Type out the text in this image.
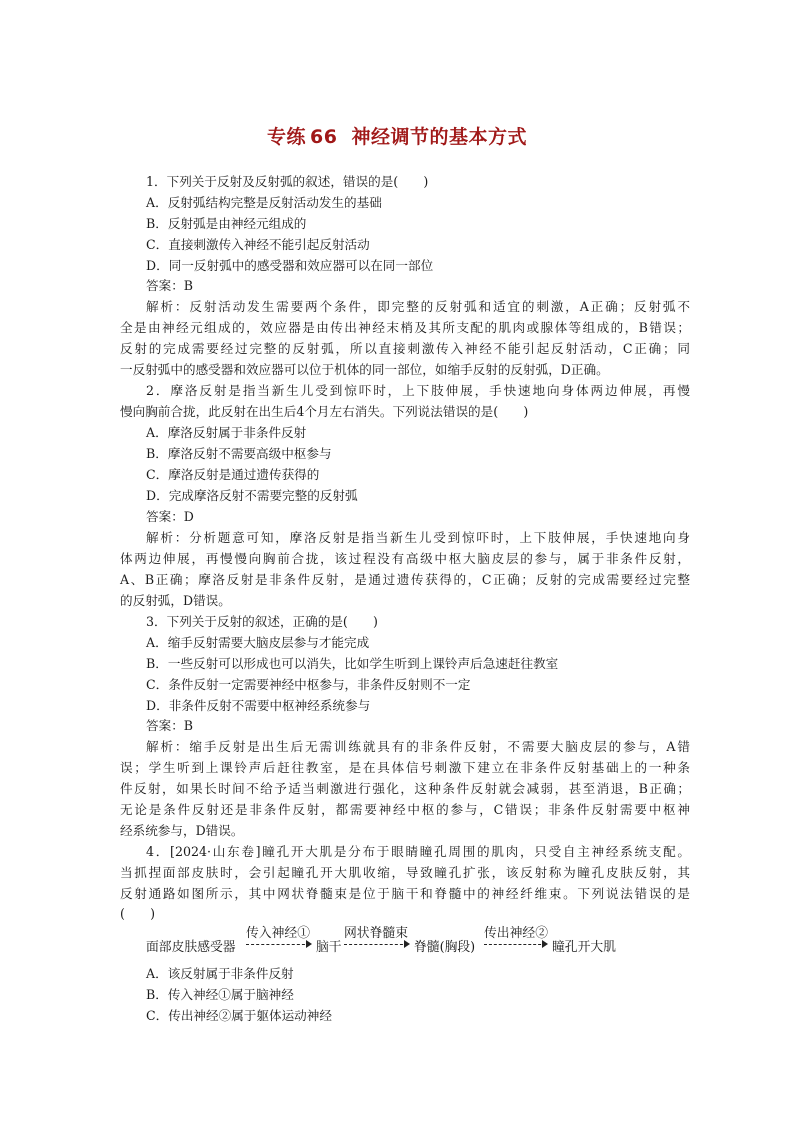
专练 66 神经调节的基本方式
1．下列关于反射及反射弧的叙述，错误的是(　　)
A．反射弧结构完整是反射活动发生的基础
B．反射弧是由神经元组成的
C．直接刺激传入神经不能引起反射活动
D．同一反射弧中的感受器和效应器可以在同一部位
答案：B
解析：反射活动发生需要两个条件，即完整的反射弧和适宜的刺激，A正确；反射弧不
全是由神经元组成的，效应器是由传出神经末梢及其所支配的肌肉或腺体等组成的，B错误；
反射的完成需要经过完整的反射弧，所以直接刺激传入神经不能引起反射活动，C正确；同
一反射弧中的感受器和效应器可以位于机体的同一部位，如缩手反射的反射弧，D正确。
2．摩洛反射是指当新生儿受到惊吓时，上下肢伸展，手快速地向身体两边伸展，再慢
慢向胸前合拢，此反射在出生后4个月左右消失。下列说法错误的是(　　)
A．摩洛反射属于非条件反射
B．摩洛反射不需要高级中枢参与
C．摩洛反射是通过遗传获得的
D．完成摩洛反射不需要完整的反射弧
答案：D
解析：分析题意可知，摩洛反射是指当新生儿受到惊吓时，上下肢伸展，手快速地向身
体两边伸展，再慢慢向胸前合拢，该过程没有高级中枢大脑皮层的参与，属于非条件反射，
A、B正确；摩洛反射是非条件反射，是通过遗传获得的，C正确；反射的完成需要经过完整
的反射弧，D错误。
3．下列关于反射的叙述，正确的是(　　)
A．缩手反射需要大脑皮层参与才能完成
B．一些反射可以形成也可以消失，比如学生听到上课铃声后急速赶往教室
C．条件反射一定需要神经中枢参与，非条件反射则不一定
D．非条件反射不需要中枢神经系统参与
答案：B
解析：缩手反射是出生后无需训练就具有的非条件反射，不需要大脑皮层的参与，A错
误；学生听到上课铃声后赶往教室，是在具体信号刺激下建立在非条件反射基础上的一种条
件反射，如果长时间不给予适当刺激进行强化，这种条件反射就会减弱，甚至消退，B正确；
无论是条件反射还是非条件反射，都需要神经中枢的参与，C错误；非条件反射需要中枢神
经系统参与，D错误。
4．[2024·山东卷]瞳孔开大肌是分布于眼睛瞳孔周围的肌肉，只受自主神经系统支配。
当抓捏面部皮肤时，会引起瞳孔开大肌收缩，导致瞳孔扩张，该反射称为瞳孔皮肤反射，其
反射通路如图所示，其中网状脊髓束是位于脑干和脊髓中的神经纤维束。下列说法错误的是
(　　)
面部皮肤感受器
传入神经①
脑干
网状脊髓束
脊髓(胸段)
传出神经②
瞳孔开大肌
A．该反射属于非条件反射
B．传入神经①属于脑神经
C．传出神经②属于躯体运动神经
